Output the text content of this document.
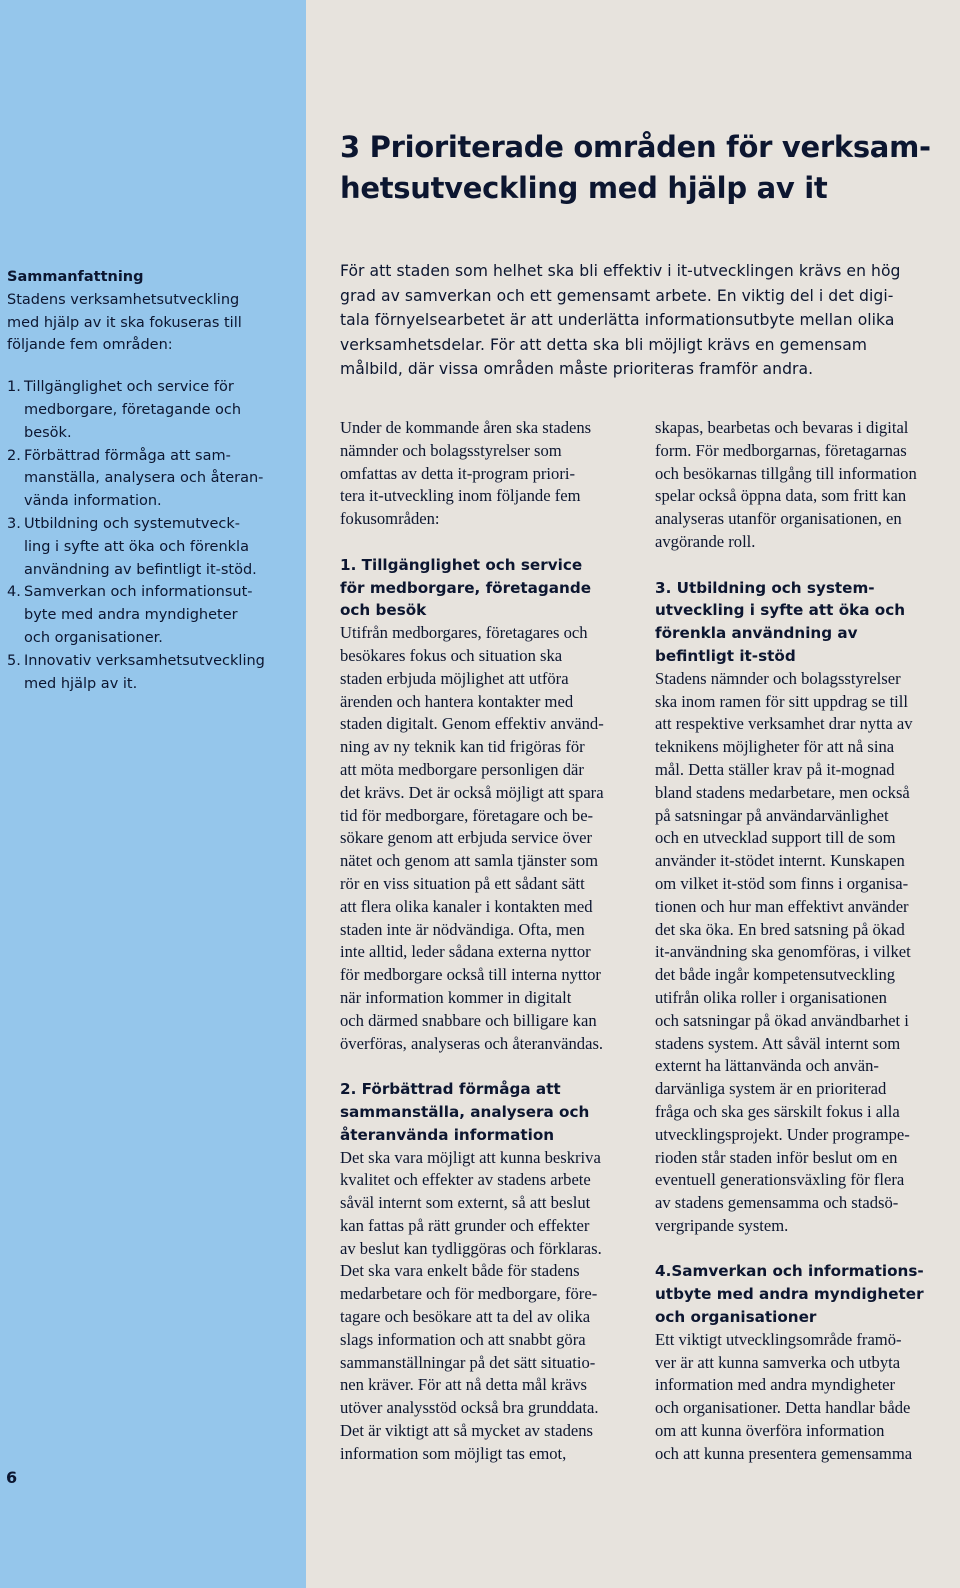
3 Prioriterade områden för verksam-
hetsutveckling med hjälp av it
Sammanfattning
Stadens verksamhetsutveckling
med hjälp av it ska fokuseras till
följande fem områden:
1. Tillgänglighet och service för
medborgare, företagande och
besök.
2. Förbättrad förmåga att sam-
manställa, analysera och återan-
vända information.
3. Utbildning och systemutveck-
ling i syfte att öka och förenkla
användning av befintligt it-stöd.
4. Samverkan och informationsut-
byte med andra myndigheter
och organisationer.
5. Innovativ verksamhetsutveckling
med hjälp av it.
För att staden som helhet ska bli effektiv i it-utvecklingen krävs en hög
grad av samverkan och ett gemensamt arbete. En viktig del i det digi-
tala förnyelsearbetet är att underlätta informationsutbyte mellan olika
verksamhetsdelar. För att detta ska bli möjligt krävs en gemensam
målbild, där vissa områden måste prioriteras framför andra.
Under de kommande åren ska stadens
nämnder och bolagsstyrelser som
omfattas av detta it-program priori-
tera it-utveckling inom följande fem
fokusområden:
1. Tillgänglighet och service
för medborgare, företagande
och besök
Utifrån medborgares, företagares och
besökares fokus och situation ska
staden erbjuda möjlighet att utföra
ärenden och hantera kontakter med
staden digitalt. Genom effektiv använd-
ning av ny teknik kan tid frigöras för
att möta medborgare personligen där
det krävs. Det är också möjligt att spara
tid för medborgare, företagare och be-
sökare genom att erbjuda service över
nätet och genom att samla tjänster som
rör en viss situation på ett sådant sätt
att flera olika kanaler i kontakten med
staden inte är nödvändiga. Ofta, men
inte alltid, leder sådana externa nyttor
för medborgare också till interna nyttor
när information kommer in digitalt
och därmed snabbare och billigare kan
överföras, analyseras och återanvändas.
2. Förbättrad förmåga att
sammanställa, analysera och
återanvända information
Det ska vara möjligt att kunna beskriva
kvalitet och effekter av stadens arbete
såväl internt som externt, så att beslut
kan fattas på rätt grunder och effekter
av beslut kan tydliggöras och förklaras.
Det ska vara enkelt både för stadens
medarbetare och för medborgare, före-
tagare och besökare att ta del av olika
slags information och att snabbt göra
sammanställningar på det sätt situatio-
nen kräver. För att nå detta mål krävs
utöver analysstöd också bra grunddata.
Det är viktigt att så mycket av stadens
information som möjligt tas emot,
skapas, bearbetas och bevaras i digital
form. För medborgarnas, företagarnas
och besökarnas tillgång till information
spelar också öppna data, som fritt kan
analyseras utanför organisationen, en
avgörande roll.
3. Utbildning och system-
utveckling i syfte att öka och
förenkla användning av
befintligt it-stöd
Stadens nämnder och bolagsstyrelser
ska inom ramen för sitt uppdrag se till
att respektive verksamhet drar nytta av
teknikens möjligheter för att nå sina
mål. Detta ställer krav på it-mognad
bland stadens medarbetare, men också
på satsningar på användarvänlighet
och en utvecklad support till de som
använder it-stödet internt. Kunskapen
om vilket it-stöd som finns i organisa-
tionen och hur man effektivt använder
det ska öka. En bred satsning på ökad
it-användning ska genomföras, i vilket
det både ingår kompetensutveckling
utifrån olika roller i organisationen
och satsningar på ökad användbarhet i
stadens system. Att såväl internt som
externt ha lättanvända och använ-
darvänliga system är en prioriterad
fråga och ska ges särskilt fokus i alla
utvecklingsprojekt. Under programpe-
rioden står staden inför beslut om en
eventuell generationsväxling för flera
av stadens gemensamma och stadsö-
vergripande system.
4.Samverkan och informations-
utbyte med andra myndigheter
och organisationer
Ett viktigt utvecklingsområde framö-
ver är att kunna samverka och utbyta
information med andra myndigheter
och organisationer. Detta handlar både
om att kunna överföra information
och att kunna presentera gemensamma
6
